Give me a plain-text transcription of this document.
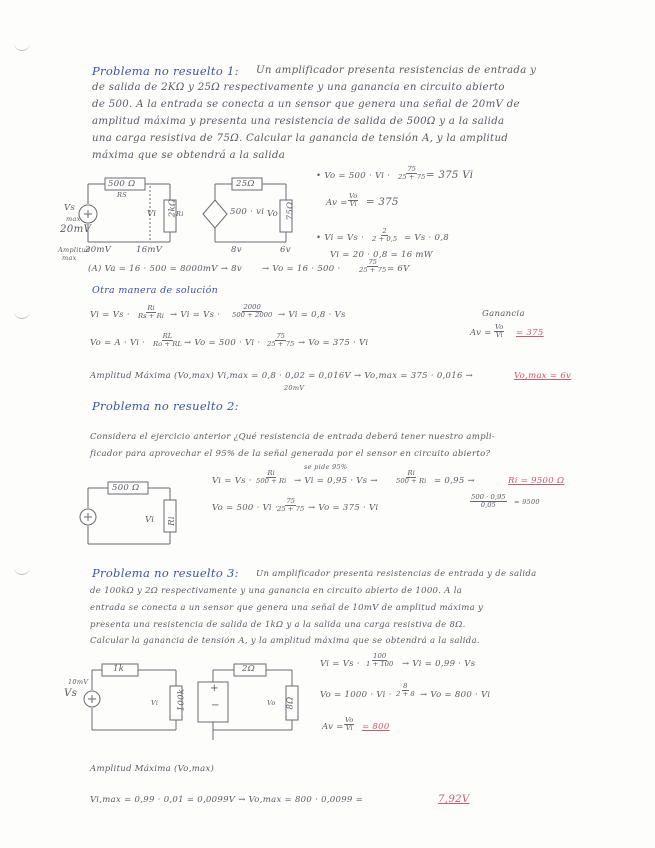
Problema no resuelto 1: Un amplificador presenta resistencias de entrada y
de salida de 2KΩ y 25Ω respectivamente y una ganancia en circuito abierto
de 500. A la entrada se conecta a un sensor que genera una señal de 20mV de
amplitud máxima y presenta una resistencia de salida de 500Ω y a la salida
una carga resistiva de 75Ω. Calcular la ganancia de tensión A, y la amplitud
máxima que se obtendrá a la salida
500 Ω
RS
2kΩ
25Ω
500 · vi 75Ω
Vs
max
20mV
Vi	Ri	Vo
Amplitud
max
20mV	16mV	8v	6v
• $Vo = 500 \cdot Vi \cdot \frac{75}{25 + 75} = 375$ Vi
$Av = \frac{Vo}{Vi} = 375$
• $Vi = Vs \cdot \frac{2}{2 + 0,5} = Vs \cdot 0,8$
Vi = 20 · 0,8 = 16 mW
(A) Va = 16 · 500 = 8000mV → 8v → Vo = 16 · 500 ·	$\frac{75}{25 + 75} = 6V$
Otra manera de solución
$Vi = Vs \cdot \frac{Ri}{Rs + Ri} \to Vi = Vs \cdot \frac{2000}{500 + 2000} \to Vi = 0,8 \cdot Vs$
$Vo = A \cdot Vi \cdot \frac{RL}{Ro + RL} \to Vo = 500 \cdot Vi \cdot \frac{75}{25 + 75} \to Vo = 375 \cdot Vi$
Ganancia
$Av = \frac{Vo}{Vi} = 375$
Amplitud Máxima (Vo,max) Vi,max = 0,8 · 0,02 = 0,016V → Vo,max = 375 · 0,016 →	Vo,max = 6v
20mV
Problema no resuelto 2:
Considera el ejercicio anterior ¿Qué resistencia de entrada deberá tener nuestro ampli-
ficador para aprovechar el 95% de la señal generada por el sensor en circuito abierto?
500 Ω
Vi Ri
se pide 95%
$Vi = Vs \cdot \frac{Ri}{500 + Ri} \to Vi = 0,95 \cdot Vs$ →	$\frac{Ri}{500 + Ri} = 0,95$ →	Ri = 9500 Ω
$\frac{500 \cdot 0,95}{0,05} = 9500$
$Vo = 500 \cdot Vi \cdot \frac{75}{25 + 75} \to Vo = 375 \cdot Vi$
Problema no resuelto 3: Un amplificador presenta resistencias de entrada y de salida
de 100kΩ y 2Ω respectivamente y una ganancia en circuito abierto de 1000. A la
entrada se conecta a un sensor que genera una señal de 10mV de amplitud máxima y
presenta una resistencia de salida de 1kΩ y a la salida una carga resistiva de 8Ω.
Calcular la ganancia de tensión A, y la amplitud máxima que se obtendrá a la salida.
1k
100k
2Ω
8Ω
10mV
Vs
Vi	Vo
+
−
$Vi = Vs \cdot \frac{100}{1 + 100} \to Vi = 0,99 \cdot Vs$
$Vo = 1000 \cdot Vi \cdot \frac{8}{2 + 8} \to Vo = 800 \cdot Vi$
$Av = \frac{Vo}{Vi} = 800$
Amplitud Máxima (Vo,max)
Vi,max = 0,99 · 0,01 = 0,0099V → Vo,max = 800 · 0,0099 =	7,92V
